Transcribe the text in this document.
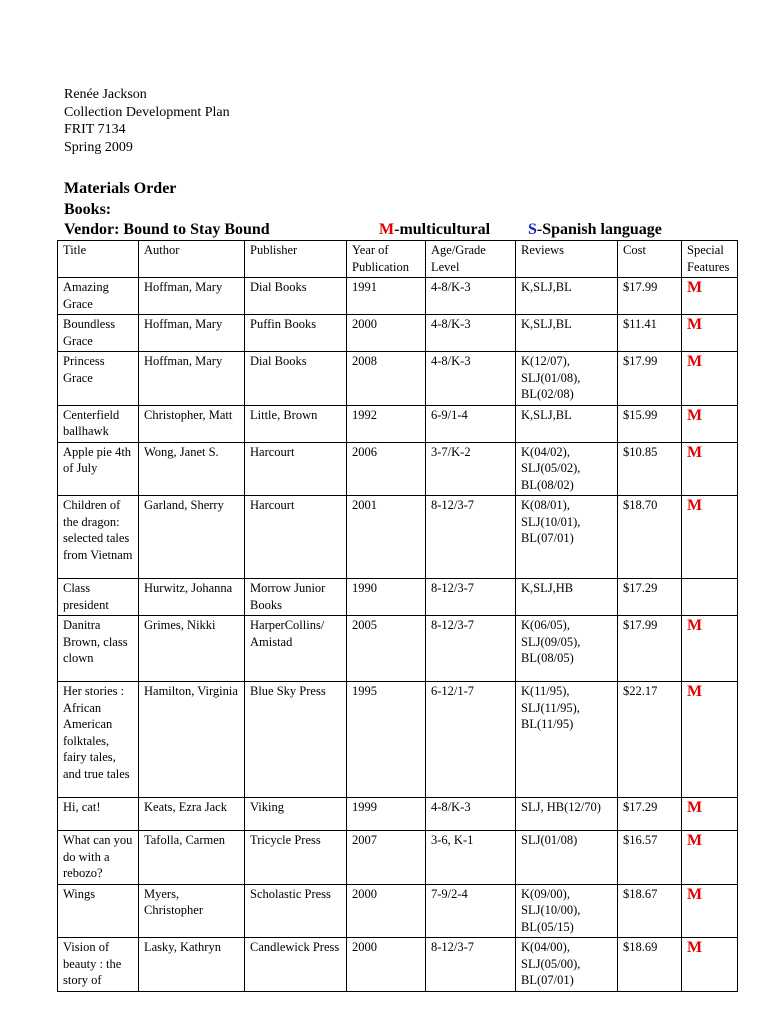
Renée Jackson
Collection Development Plan
FRIT 7134
Spring 2009
Materials Order
Books:
Vendor: Bound to Stay Bound	M-multicultural S-Spanish language
Title	Author	Publisher	Year of Publication	Age/Grade Level	Reviews	Cost	Special Features
Amazing Grace	Hoffman, Mary	Dial Books	1991	4-8/K-3	K,SLJ,BL	$17.99	M
Boundless Grace	Hoffman, Mary	Puffin Books	2000	4-8/K-3	K,SLJ,BL	$11.41	M
Princess Grace	Hoffman, Mary	Dial Books	2008	4-8/K-3	K(12/07), SLJ(01/08), BL(02/08)	$17.99	M
Centerfield ballhawk	Christopher, Matt	Little, Brown	1992	6-9/1-4	K,SLJ,BL	$15.99	M
Apple pie 4th of July	Wong, Janet S.	Harcourt	2006	3-7/K-2	K(04/02), SLJ(05/02), BL(08/02)	$10.85	M
Children of the dragon: selected tales from Vietnam	Garland, Sherry	Harcourt	2001	8-12/3-7	K(08/01), SLJ(10/01), BL(07/01)	$18.70	M
Class president	Hurwitz, Johanna	Morrow Junior Books	1990	8-12/3-7	K,SLJ,HB	$17.29	
Danitra Brown, class clown	Grimes, Nikki	HarperCollins/ Amistad	2005	8-12/3-7	K(06/05), SLJ(09/05), BL(08/05)	$17.99	M
Her stories : African American folktales, fairy tales, and true tales	Hamilton, Virginia	Blue Sky Press	1995	6-12/1-7	K(11/95), SLJ(11/95), BL(11/95)	$22.17	M
Hi, cat!	Keats, Ezra Jack	Viking	1999	4-8/K-3	SLJ, HB(12/70)	$17.29	M
What can you do with a rebozo?	Tafolla, Carmen	Tricycle Press	2007	3-6, K-1	SLJ(01/08)	$16.57	M
Wings	Myers, Christopher	Scholastic Press	2000	7-9/2-4	K(09/00), SLJ(10/00), BL(05/15)	$18.67	M
Vision of beauty : the story of	Lasky, Kathryn	Candlewick Press	2000	8-12/3-7	K(04/00), SLJ(05/00), BL(07/01)	$18.69	M
